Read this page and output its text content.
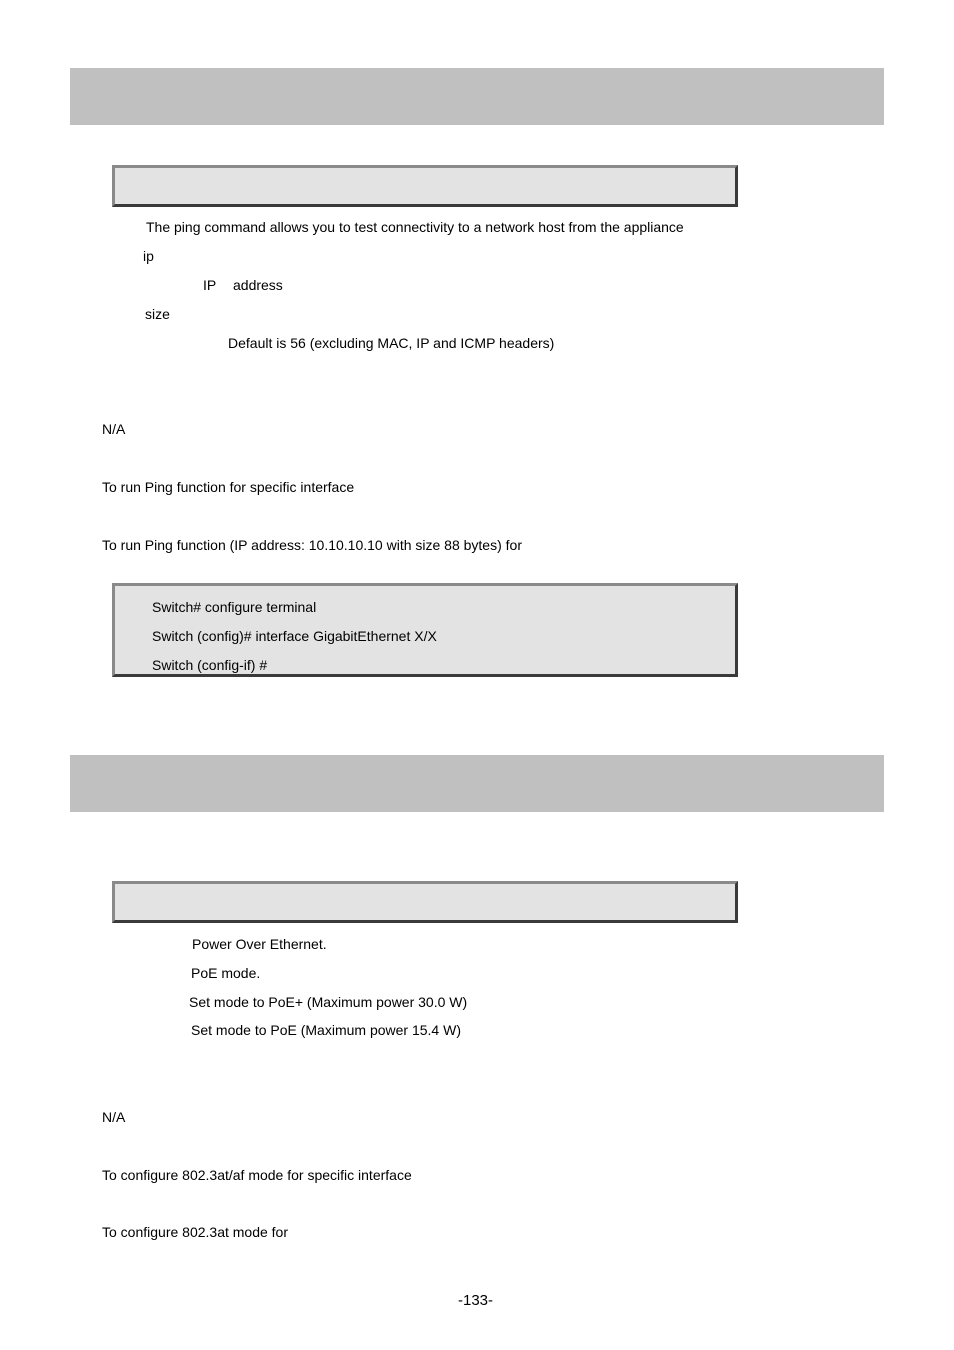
The ping command allows you to test connectivity to a network host from the appliance
ip
IP address
size
Default is 56 (excluding MAC, IP and ICMP headers)
N/A
To run Ping function for specific interface
To run Ping function (IP address: 10.10.10.10 with size 88 bytes) for
Switch# configure terminal
Switch (config)# interface GigabitEthernet X/X
Switch (config-if) #
Power Over Ethernet.
PoE mode.
Set mode to PoE+ (Maximum power 30.0 W)
Set mode to PoE (Maximum power 15.4 W)
N/A
To configure 802.3at/af mode for specific interface
To configure 802.3at mode for
-133-
